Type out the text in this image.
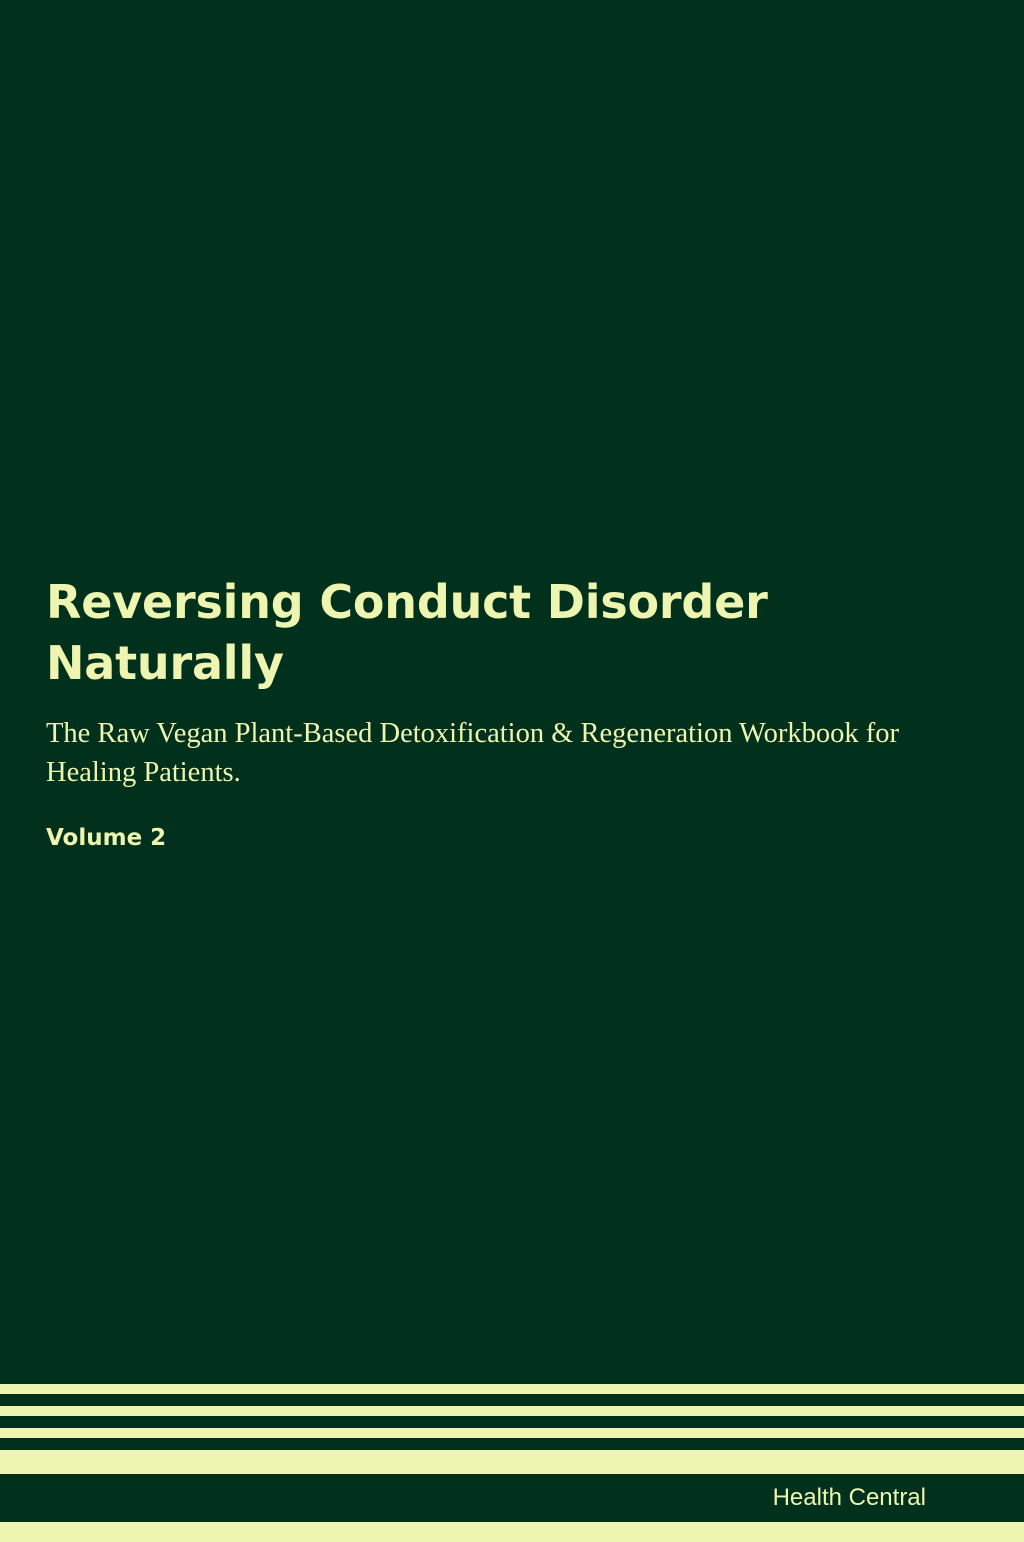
Reversing Conduct Disorder Naturally

The Raw Vegan Plant-Based Detoxification & Regeneration Workbook for Healing Patients.

Volume 2

Health Central
